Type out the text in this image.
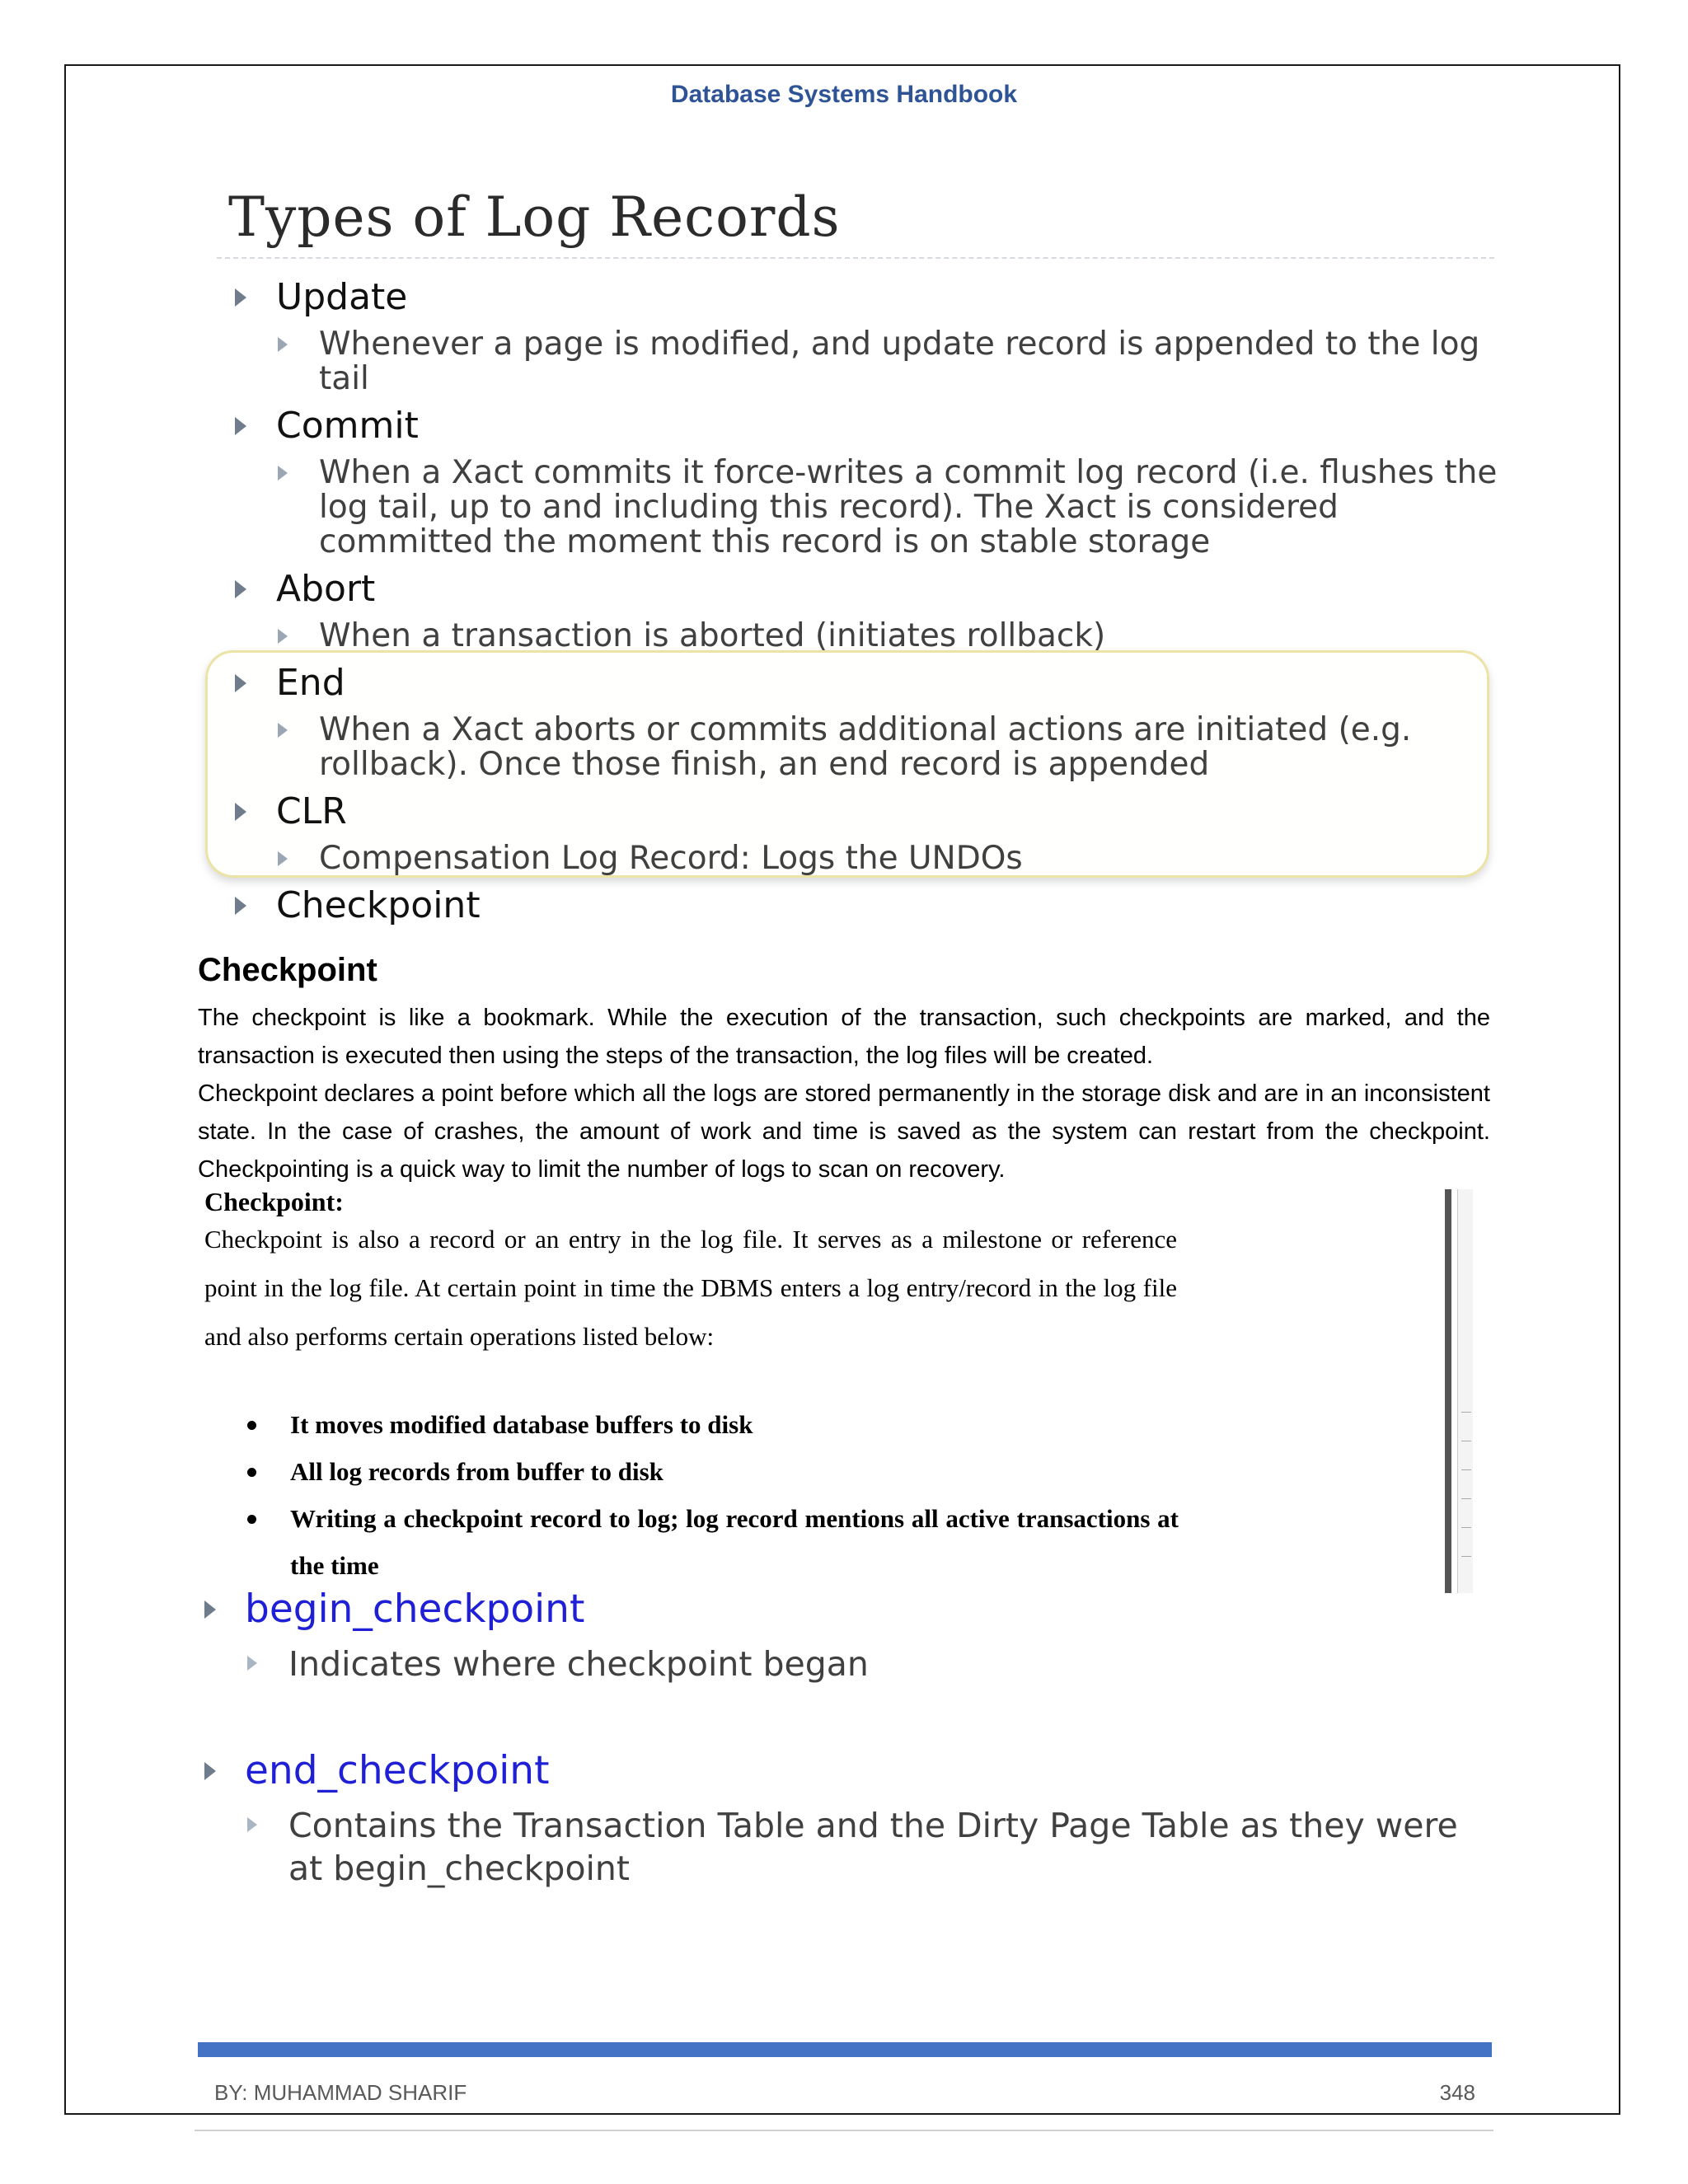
Database Systems Handbook
Types of Log Records
Update
Whenever a page is modified, and update record is appended to the log tail
Commit
When a Xact commits it force-writes a commit log record (i.e. flushes the log tail, up to and including this record). The Xact is considered committed the moment this record is on stable storage
Abort
When a transaction is aborted (initiates rollback)
End
When a Xact aborts or commits additional actions are initiated (e.g. rollback). Once those finish, an end record is appended
CLR
Compensation Log Record: Logs the UNDOs
Checkpoint
Checkpoint
The checkpoint is like a bookmark. While the execution of the transaction, such checkpoints are marked, and the transaction is executed then using the steps of the transaction, the log files will be created.
Checkpoint declares a point before which all the logs are stored permanently in the storage disk and are in an inconsistent state. In the case of crashes, the amount of work and time is saved as the system can restart from the checkpoint. Checkpointing is a quick way to limit the number of logs to scan on recovery.
Checkpoint:
Checkpoint is also a record or an entry in the log file. It serves as a milestone or reference point in the log file. At certain point in time the DBMS enters a log entry/record in the log file and also performs certain operations listed below:
It moves modified database buffers to disk
All log records from buffer to disk
Writing a checkpoint record to log; log record mentions all active transactions at the time
begin_checkpoint
Indicates where checkpoint began
end_checkpoint
Contains the Transaction Table and the Dirty Page Table as they were at begin_checkpoint
BY: MUHAMMAD SHARIF	348
